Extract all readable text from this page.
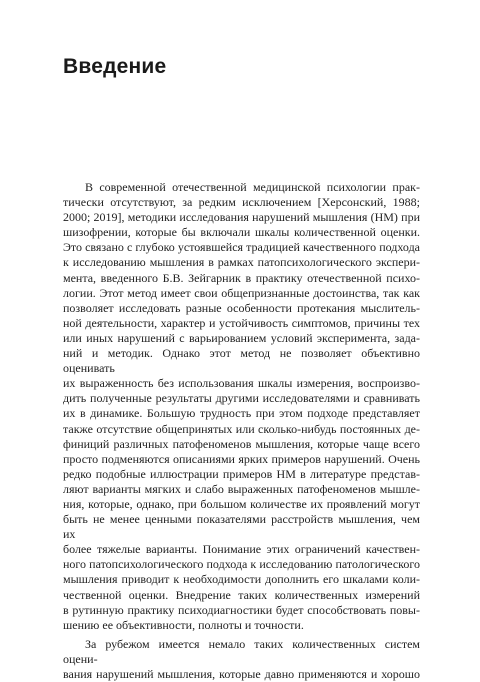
Введение

В современной отечественной медицинской психологии прак-

тически отсутствуют, за редким исключением [Херсонский, 1988;

2000; 2019], методики исследования нарушений мышления (НМ) при

шизофрении, которые бы включали шкалы количественной оценки.

Это связано с глубоко устоявшейся традицией качественного подхода

к исследованию мышления в рамках патопсихологического экспери-

мента, введенного Б.В. Зейгарник в практику отечественной психо-

логии. Этот метод имеет свои общепризнанные достоинства, так как

позволяет исследовать разные особенности протекания мыслитель-

ной деятельности, характер и устойчивость симптомов, причины тех

или иных нарушений с варьированием условий эксперимента, зада-

ний и методик. Однако этот метод не позволяет объективно оценивать

их выраженность без использования шкалы измерения, воспроизво-

дить полученные результаты другими исследователями и сравнивать

их в динамике. Большую трудность при этом подходе представляет

также отсутствие общепринятых или сколько-нибудь постоянных де-

финиций различных патофеноменов мышления, которые чаще всего

просто подменяются описаниями ярких примеров нарушений. Очень

редко подобные иллюстрации примеров НМ в литературе представ-

ляют варианты мягких и слабо выраженных патофеноменов мышле-

ния, которые, однако, при большом количестве их проявлений могут

быть не менее ценными показателями расстройств мышления, чем их

более тяжелые варианты. Понимание этих ограничений качествен-

ного патопсихологического подхода к исследованию патологического

мышления приводит к необходимости дополнить его шкалами коли-

чественной оценки. Внедрение таких количественных измерений

в рутинную практику психодиагностики будет способствовать повы-

шению ее объективности, полноты и точности.

За рубежом имеется немало таких количественных систем оцени-

вания нарушений мышления, которые давно применяются и хорошо
